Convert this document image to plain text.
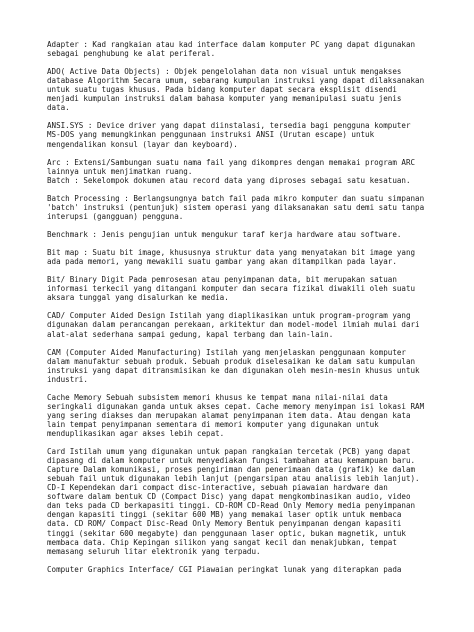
Adapter : Kad rangkaian atau kad interface dalam komputer PC yang dapat digunakan
sebagai penghubung ke alat periferal.
ADO( Active Data Objects) : Objek pengelolahan data non visual untuk mengakses
database Algorithm Secara umum, sebarang kumpulan instruksi yang dapat dilaksanakan
untuk suatu tugas khusus. Pada bidang komputer dapat secara eksplisit disendi
menjadi kumpulan instruksi dalam bahasa komputer yang memanipulasi suatu jenis
data.
ANSI.SYS : Device driver yang dapat diinstalasi, tersedia bagi pengguna komputer
MS-DOS yang memungkinkan penggunaan instruksi ANSI (Urutan escape) untuk
mengendalikan konsul (layar dan keyboard).
Arc : Extensi/Sambungan suatu nama fail yang dikompres dengan memakai program ARC
lainnya untuk menjimatkan ruang.
Batch : Sekelompok dokumen atau record data yang diproses sebagai satu kesatuan.
Batch Processing : Berlangsungnya batch fail pada mikro komputer dan suatu simpanan
'batch' instruksi (pentunjuk) sistem operasi yang dilaksanakan satu demi satu tanpa
interupsi (gangguan) pengguna.
Benchmark : Jenis pengujian untuk mengukur taraf kerja hardware atau software.
Bit map : Suatu bit image, khususnya struktur data yang menyatakan bit image yang
ada pada memori, yang mewakili suatu gambar yang akan ditampilkan pada layar.
Bit/ Binary Digit Pada pemrosesan atau penyimpanan data, bit merupakan satuan
informasi terkecil yang ditangani komputer dan secara fizikal diwakili oleh suatu
aksara tunggal yang disalurkan ke media.
CAD/ Computer Aided Design Istilah yang diaplikasikan untuk program-program yang
digunakan dalam perancangan perekaan, arkitektur dan model-model ilmiah mulai dari
alat-alat sederhana sampai gedung, kapal terbang dan lain-lain.
CAM (Computer Aided Manufacturing) Istilah yang menjelaskan penggunaan komputer
dalam manufaktur sebuah produk. Sebuah produk diselesaikan ke dalam satu kumpulan
instruksi yang dapat ditransmisikan ke dan digunakan oleh mesin-mesin khusus untuk
industri.
Cache Memory Sebuah subsistem memori khusus ke tempat mana nilai-nilai data
seringkali digunakan ganda untuk akses cepat. Cache memory menyimpan isi lokasi RAM
yang sering diakses dan merupakan alamat penyimpanan item data. Atau dengan kata
lain tempat penyimpanan sementara di memori komputer yang digunakan untuk
menduplikasikan agar akses lebih cepat.
Card Istilah umum yang digunakan untuk papan rangkaian tercetak (PCB) yang dapat
dipasang di dalam komputer untuk menyediakan fungsi tambahan atau kemampuan baru.
Capture Dalam komunikasi, proses pengiriman dan penerimaan data (grafik) ke dalam
sebuah fail untuk digunakan lebih lanjut (pengarsipan atau analisis lebih lanjut).
CD-I Kependekan dari compact disc-interactive, sebuah piawaian hardware dan
software dalam bentuk CD (Compact Disc) yang dapat mengkombinasikan audio, video
dan teks pada CD berkapasiti tinggi. CD-ROM CD-Read Only Memory media penyimpanan
dengan kapasiti tinggi (sekitar 600 MB) yang memakai laser optik untuk membaca
data. CD ROM/ Compact Disc-Read Only Memory Bentuk penyimpanan dengan kapasiti
tinggi (sekitar 600 megabyte) dan penggunaan laser optic, bukan magnetik, untuk
membaca data. Chip Kepingan silikon yang sangat kecil dan menakjubkan, tempat
memasang seluruh litar elektronik yang terpadu.
Computer Graphics Interface/ CGI Piawaian peringkat lunak yang diterapkan pada
